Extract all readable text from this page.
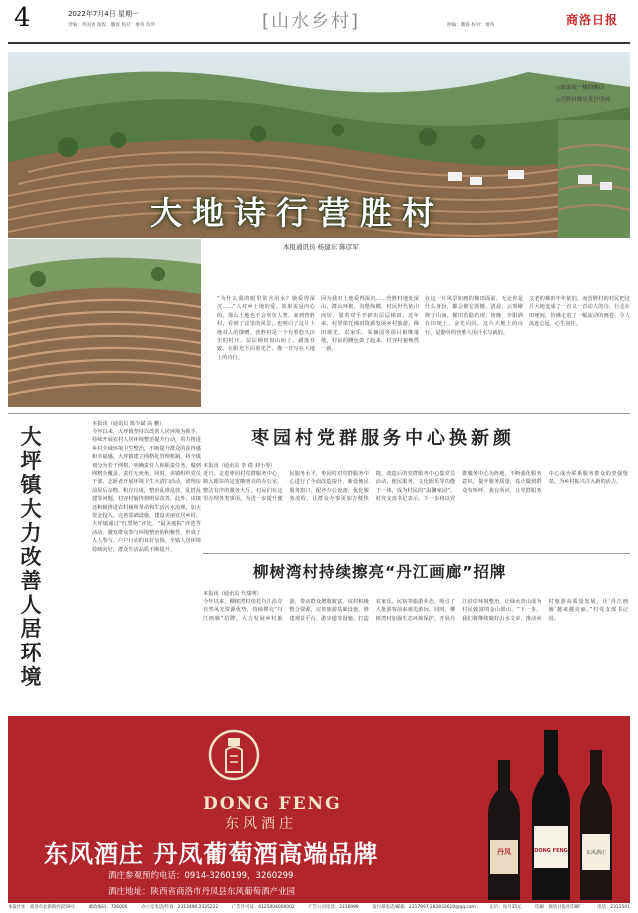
4	2022年7月4日 星期一
责编：华国青 版程：魏蓉 校对：屠英 印所	[山水乡村]	照编：魏蓉 校对：屠英	商洛日报
◇如果被一楼的梯田
◇营胜村晚景优抒情画
大地诗行营胜村
本报通讯员 杨建东 陈彦军
“为什么我的眼里常含泪水？她爱得深沉……”人对乡土地的爱，如果说是内心的，那么土地也不会辜负人类。来到营胜村，看到了这里的风景，也明白了这片土地对人的馈赠。营胜村是一个有着悠久历史的村庄，层层梯田盘山而上，錯落有致，在阳光下闪着光芒，像一首写在大地上的诗行。
因为我对土地爱得深沉……营胜村地处深山，群山环抱，沟壑纵横，村民世代依山而居，靠着双手开辟出层层梯田。近年来，村里依托梯田资源发展乡村旅游，梯田观光、农家乐、采摘园等项目相继落地，村民的腰包鼓了起来，村容村貌焕然一新。
在这一片风景如画的梯田面前，无论你是什么身份，都会被它震撼。清晨，云雾缭绕于山间，梯田若隐若现；傍晚，夕阳洒在田埂上，金光闪闪。这片大地上的诗行，是勤劳的营胜人用汗水写就的。
又老的梯田年年依旧，而营胜村的村民把这片大地变成了一首又一首动人的诗。行走在田埂间，仿佛走进了一幅流动的画卷，令人流连忘返，心生向往。
大坪镇大力改善人居环境
本报讯（通讯员 陈少斌 高 鹏）
今年以来，大坪镇坚持以改善人居环境为抓手，持续开展农村人居环境整治提升行动，着力推进乡村全域环境卫生整治，不断提升群众的获得感和幸福感。大坪镇建立网格化管理机制，将全镇划分为若干网格，明确责任人和职责任务，做到网格全覆盖、责任无死角。同时，该镇组织党员干部、志愿者开展环境卫生大清扫活动，清理房前屋后杂物、积存垃圾，整治乱堆乱放、乱搭乱建等问题，村容村貌得到明显改善。此外，该镇还积极推进农村厕所革命和生活污水治理，加大资金投入，完善基础设施，建设美丽宜居乡村。大坪镇通过“红黑榜”评比、“最美庭院”评选等活动，激发群众参与环境整治的积极性，形成了人人参与、户户行动的良好氛围，全镇人居环境持续向好，群众生活品质不断提升。
枣园村党群服务中心换新颜
本报讯（通讯员 李 倩 刘小琴）
近日，走进枣园村党群服务中心，映入眼帘的是宽敞明亮的办公室、整洁有序的服务大厅，村民们在这里办理各类事项。为进一步提升便民服务水平，枣园村对党群服务中心进行了全面改造提升，新设便民服务窗口，配齐办公设备，优化服务流程，让群众办事更加方便快捷。改造后的党群服务中心集党员活动、便民服务、文化娱乐等功能于一体，成为村民的“温馨家园”。村党支部书记表示，下一步将以党群服务中心为阵地，不断强化服务意识，提升服务质量，真正做到群众有所呼、我有所应，让党群服务中心成为联系服务群众的坚强堡垒，为乡村振兴注入新的活力。
柳树湾村持续擦亮“丹江画廊”招牌
本报讯（通讯员 代瑞明）
今年以来，柳树湾村依托丹江沿岸自然风光资源优势，持续擦亮“丹江画廊”招牌，大力发展乡村旅游，带动群众增收致富。该村积极整合资源，完善旅游基础设施，修建观景平台、游步道等设施，打造农家乐、民宿等旅游业态，吸引了大批游客前来观光游玩。同时，柳树湾村加强生态环境保护，开展丹江沿岸环境整治，让绿水青山成为村民致富的金山银山。“下一步，我们将继续做好山水文章，推动乡村旅游高质量发展，让‘丹江画廊’越来越亮丽。”村党支部书记说。
丹凤	DONG FENG	东风酒庄
DONG FENG
东风酒庄
东风酒庄 丹凤葡萄酒高端品牌
酒庄参观预约电话：0914-3260199，3260299
酒庄地址：陕西省商洛市丹凤县东风葡萄酒产业园
本报社址：商洛市北新街西段59号	邮政编码：726000	办公室电话/传真：2313490 2325222	广告许可证：6125004000002	广告公司电话：2316999	发行部电话/邮箱：2317997 282833619@qq.com	定价：每月35元	印刷：商洛日报社印刷厂	电话：2312541
